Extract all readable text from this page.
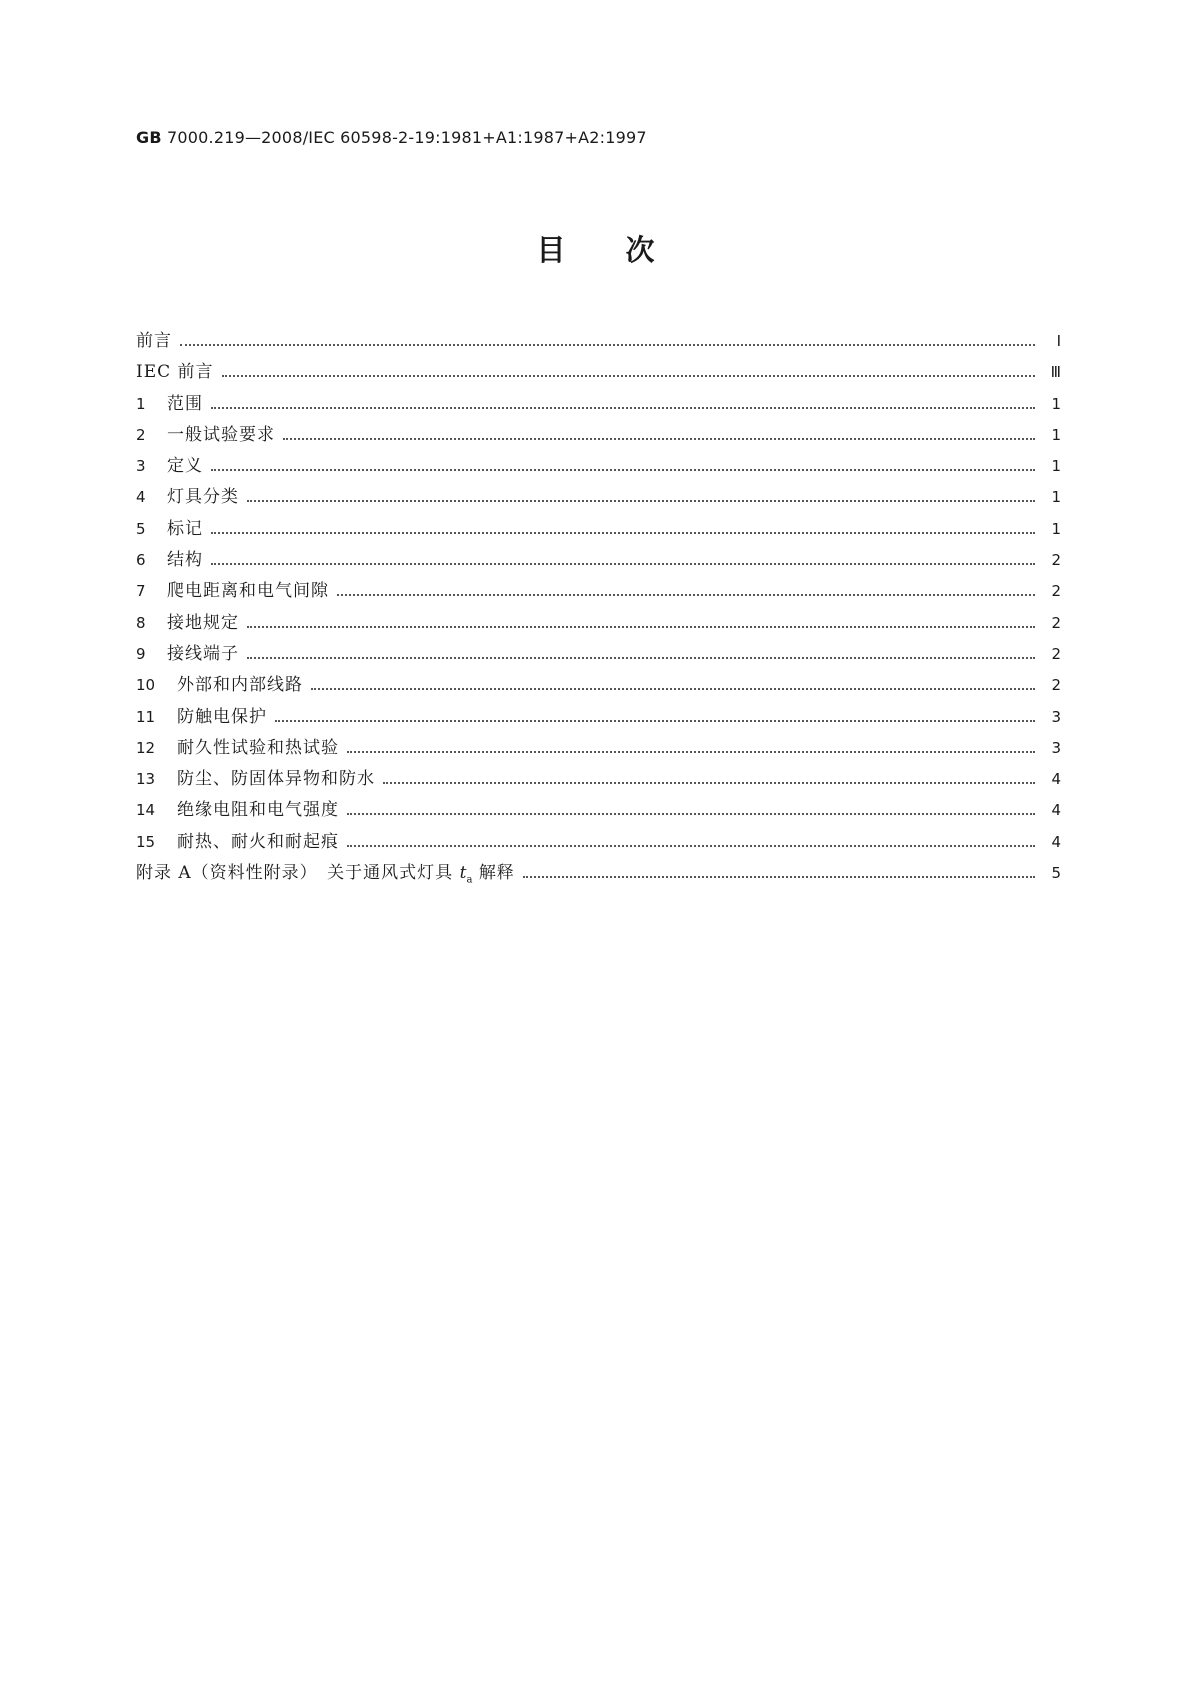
GB 7000.219—2008/IEC 60598-2-19:1981+A1:1987+A2:1997
目次
前言	Ⅰ
IEC 前言	Ⅲ
1	范围	1
2	一般试验要求	1
3	定义	1
4	灯具分类	1
5	标记	1
6	结构	2
7	爬电距离和电气间隙	2
8	接地规定	2
9	接线端子	2
10	外部和内部线路	2
11	防触电保护	3
12	耐久性试验和热试验	3
13	防尘、防固体异物和防水	4
14	绝缘电阻和电气强度	4
15	耐热、耐火和耐起痕	4
附录 A（资料性附录）　关于通风式灯具 $t_a$ 解释	5
